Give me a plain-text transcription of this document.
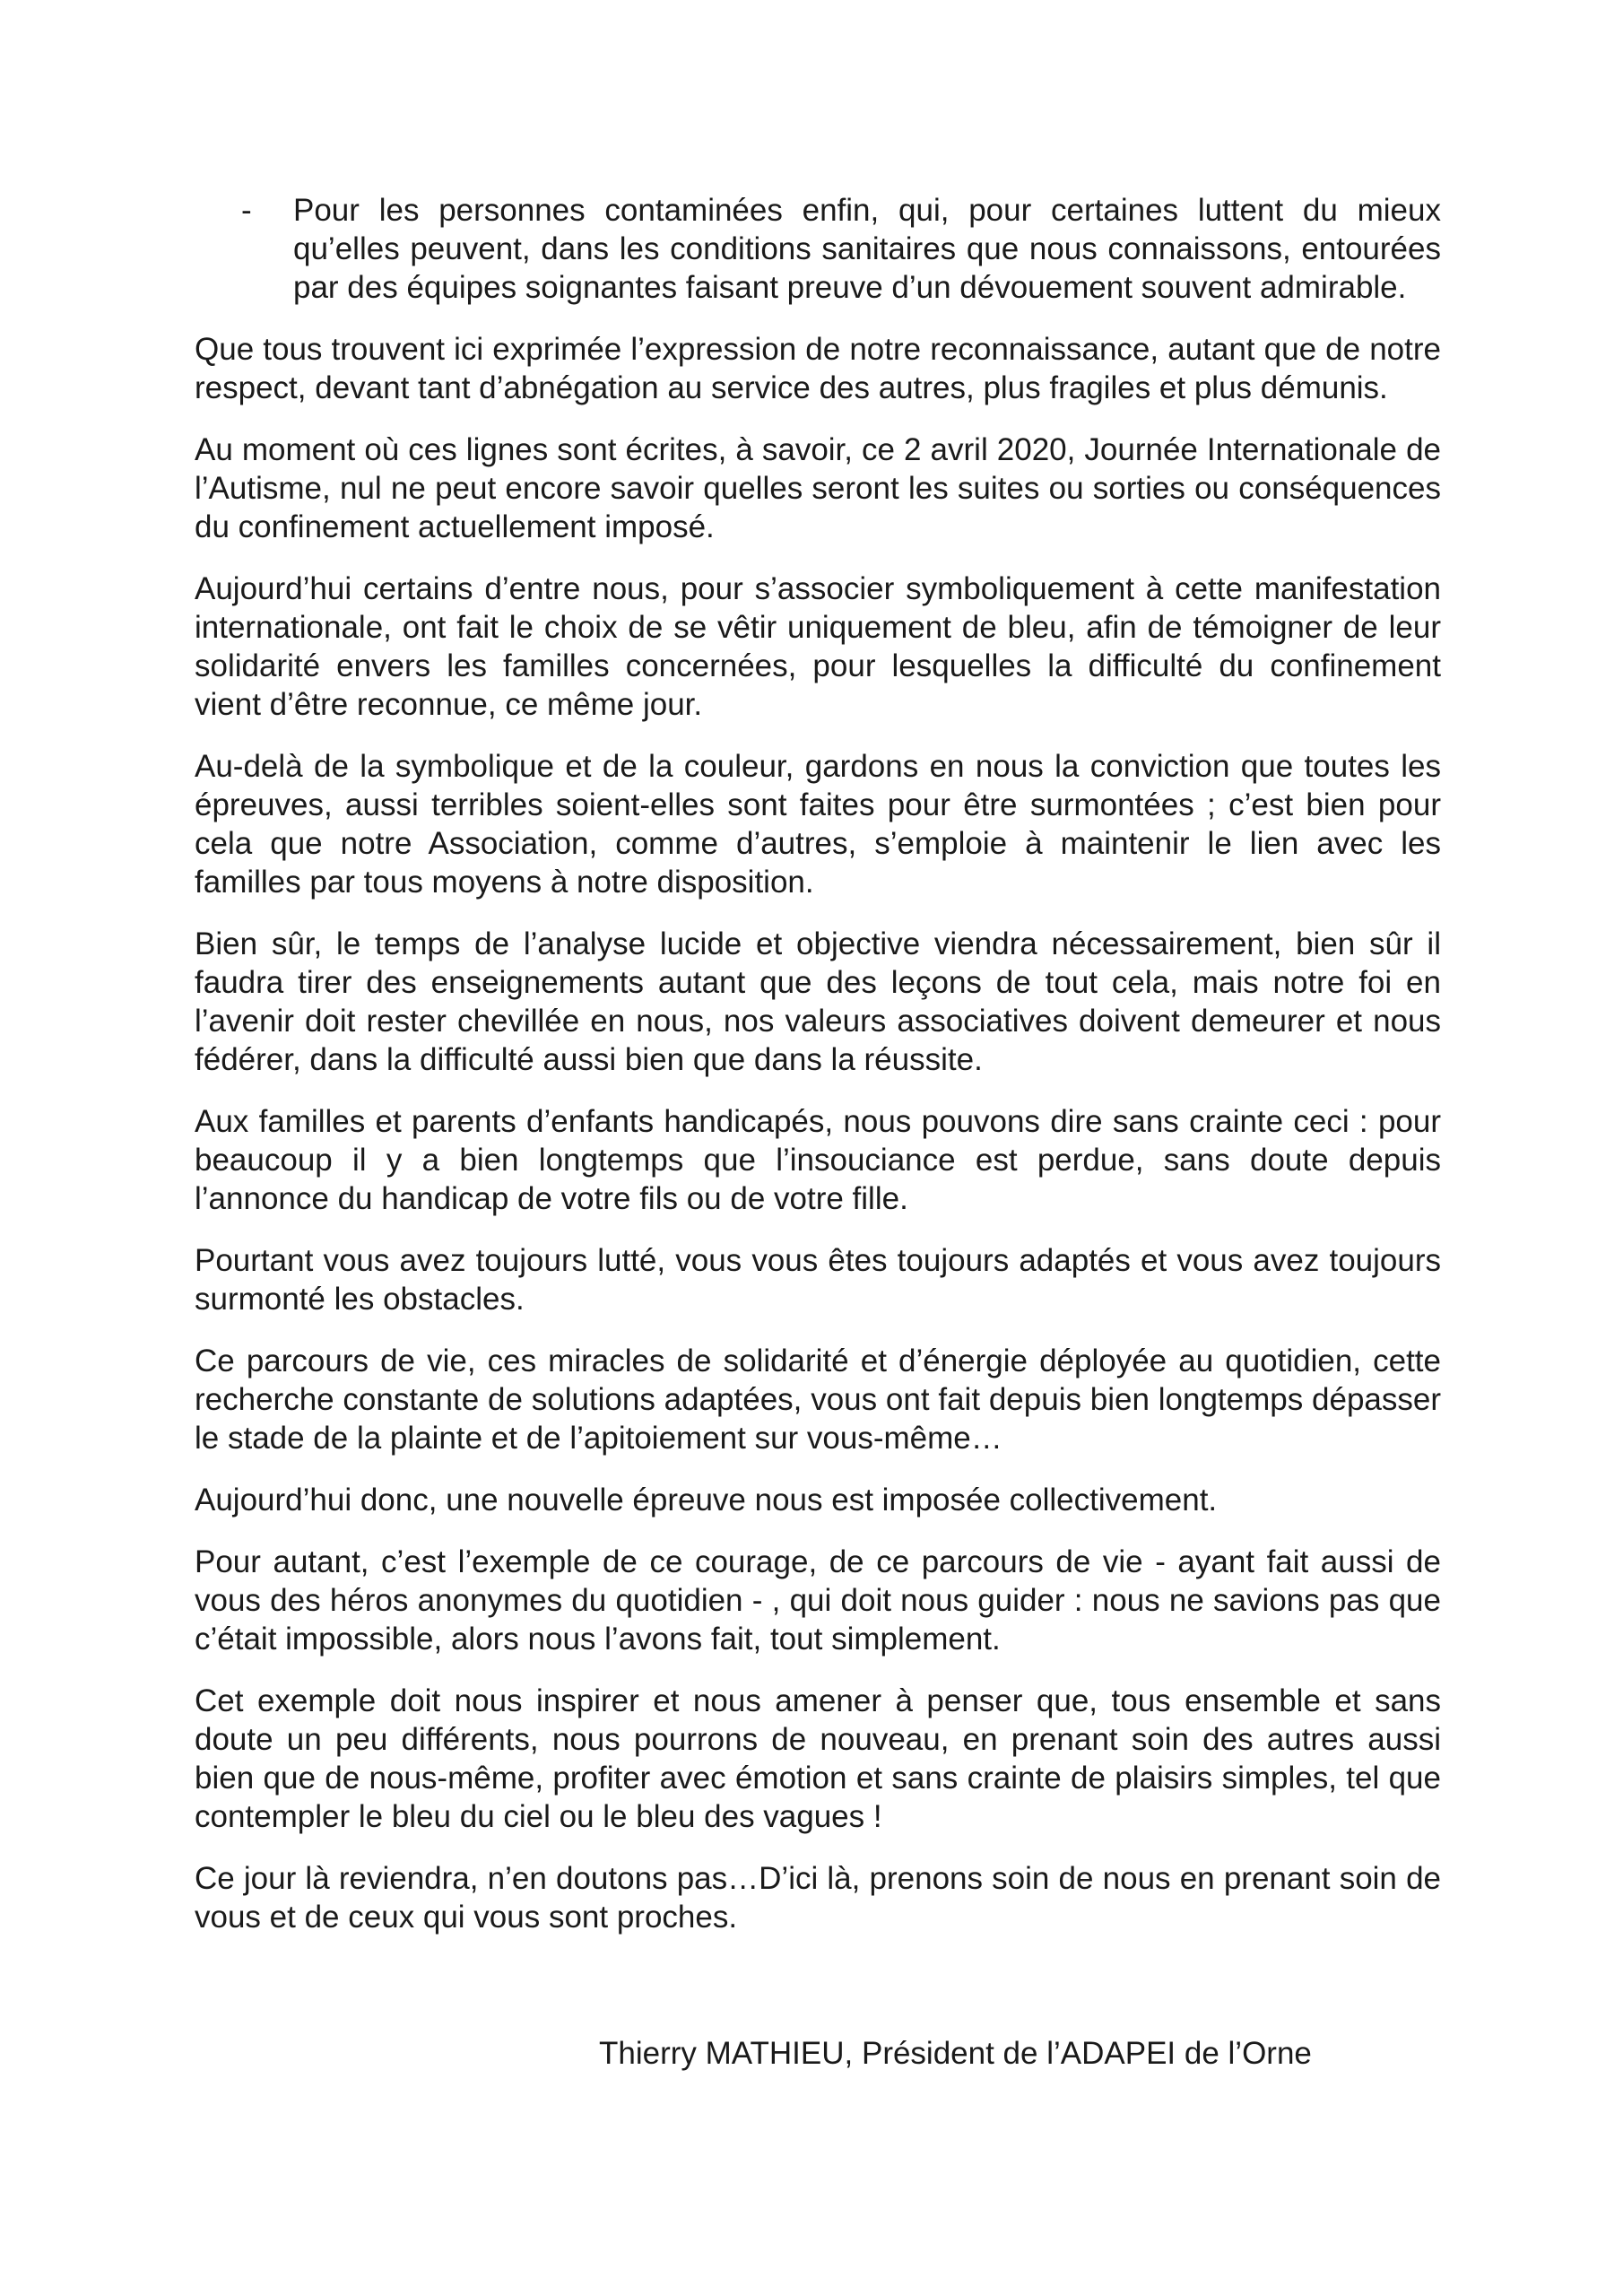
- Pour les personnes contaminées enfin, qui, pour certaines luttent du mieux qu’elles peuvent, dans les conditions sanitaires que nous connaissons, entourées par des équipes soignantes faisant preuve d’un dévouement souvent admirable.

Que tous trouvent ici exprimée l’expression de notre reconnaissance, autant que de notre respect, devant tant d’abnégation au service des autres, plus fragiles et plus démunis.

Au moment où ces lignes sont écrites, à savoir, ce 2 avril 2020, Journée Internationale de l’Autisme, nul ne peut encore savoir quelles seront les suites ou sorties ou conséquences du confinement actuellement imposé.

Aujourd’hui certains d’entre nous, pour s’associer symboliquement à cette manifestation internationale, ont fait le choix de se vêtir uniquement de bleu, afin de témoigner de leur solidarité envers les familles concernées, pour lesquelles la difficulté du confinement vient d’être reconnue, ce même jour.

Au-delà de la symbolique et de la couleur, gardons en nous la conviction que toutes les épreuves, aussi terribles soient-elles sont faites pour être surmontées ; c’est bien pour cela que notre Association, comme d’autres, s’emploie à maintenir le lien avec les familles par tous moyens à notre disposition.

Bien sûr, le temps de l’analyse lucide et objective viendra nécessairement, bien sûr il faudra tirer des enseignements autant que des leçons de tout cela, mais notre foi en l’avenir doit rester chevillée en nous, nos valeurs associatives doivent demeurer et nous fédérer, dans la difficulté aussi bien que dans la réussite.

Aux familles et parents d’enfants handicapés, nous pouvons dire sans crainte ceci : pour beaucoup il y a bien longtemps que l’insouciance est perdue, sans doute depuis l’annonce du handicap de votre fils ou de votre fille.

Pourtant vous avez toujours lutté, vous vous êtes toujours adaptés et vous avez toujours surmonté les obstacles.

Ce parcours de vie, ces miracles de solidarité et d’énergie déployée au quotidien, cette recherche constante de solutions adaptées, vous ont fait depuis bien longtemps dépasser le stade de la plainte et de l’apitoiement sur vous-même…

Aujourd’hui donc, une nouvelle épreuve nous est imposée collectivement.

Pour autant, c’est l’exemple de ce courage, de ce parcours de vie - ayant fait aussi de vous des héros anonymes du quotidien - , qui doit nous guider : nous ne savions pas que c’était impossible, alors nous l’avons fait, tout simplement.

Cet exemple doit nous inspirer et nous amener à penser que, tous ensemble et sans doute un peu différents, nous pourrons de nouveau, en prenant soin des autres aussi bien que de nous-même, profiter avec émotion et sans crainte de plaisirs simples, tel que contempler le bleu du ciel ou le bleu des vagues !

Ce jour là reviendra, n’en doutons pas…D’ici là, prenons soin de nous en prenant soin de vous et de ceux qui vous sont proches.

Thierry MATHIEU, Président de l’ADAPEI de l’Orne
